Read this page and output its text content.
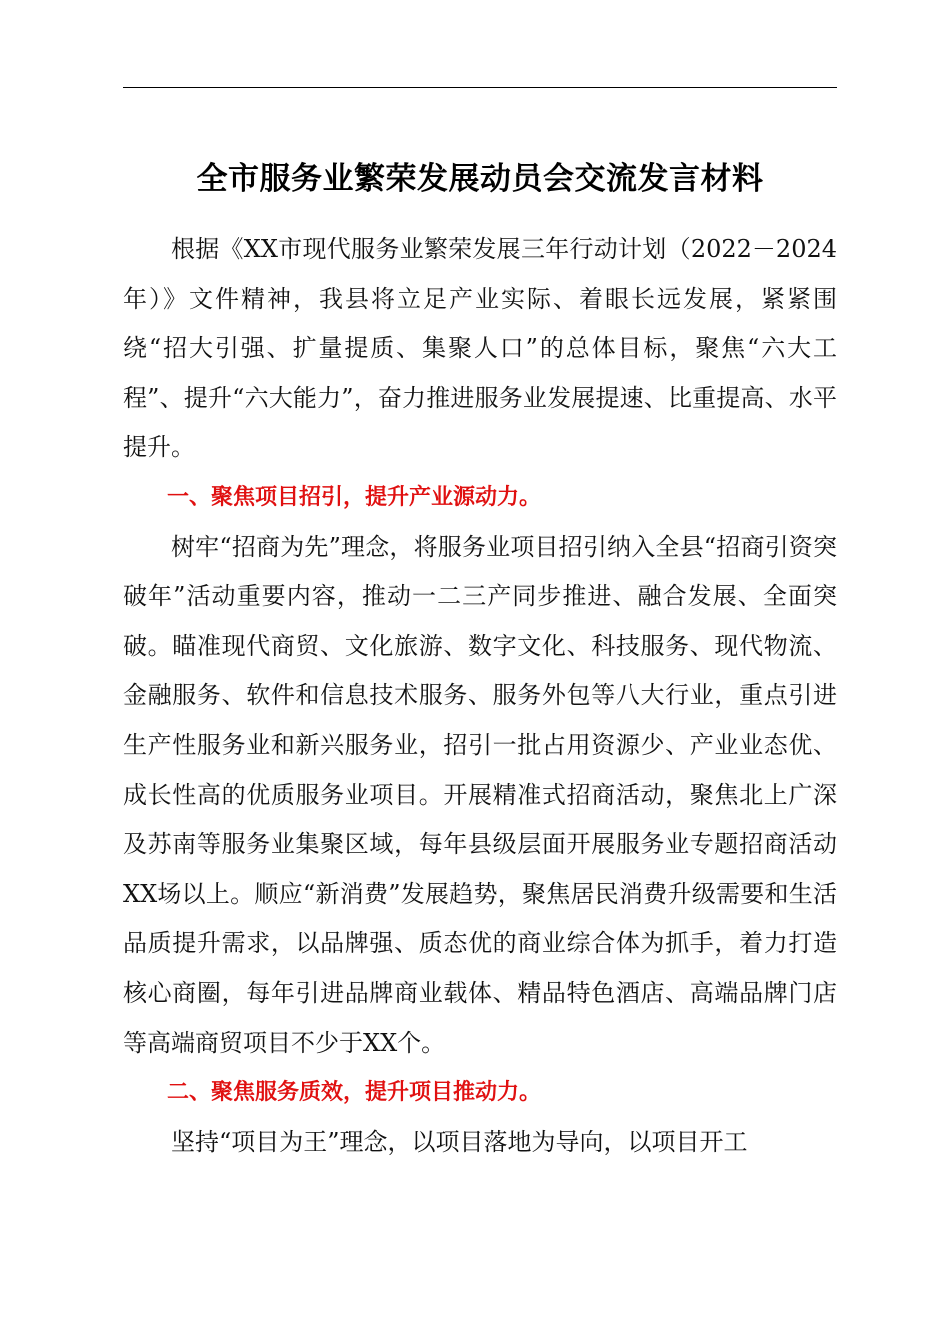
全市服务业繁荣发展动员会交流发言材料

根据《XX市现代服务业繁荣发展三年行动计划（2022－2024年）》文件精神，我县将立足产业实际、着眼长远发展，紧紧围绕“招大引强、扩量提质、集聚人口”的总体目标，聚焦“六大工程”、提升“六大能力”，奋力推进服务业发展提速、比重提高、水平提升。

一、聚焦项目招引，提升产业源动力。

树牢“招商为先”理念，将服务业项目招引纳入全县“招商引资突破年”活动重要内容，推动一二三产同步推进、融合发展、全面突破。瞄准现代商贸、文化旅游、数字文化、科技服务、现代物流、金融服务、软件和信息技术服务、服务外包等八大行业，重点引进生产性服务业和新兴服务业，招引一批占用资源少、产业业态优、成长性高的优质服务业项目。开展精准式招商活动，聚焦北上广深及苏南等服务业集聚区域，每年县级层面开展服务业专题招商活动XX场以上。顺应“新消费”发展趋势，聚焦居民消费升级需要和生活品质提升需求，以品牌强、质态优的商业综合体为抓手，着力打造核心商圈，每年引进品牌商业载体、精品特色酒店、高端品牌门店等高端商贸项目不少于XX个。

二、聚焦服务质效，提升项目推动力。

坚持“项目为王”理念，以项目落地为导向，以项目开工
